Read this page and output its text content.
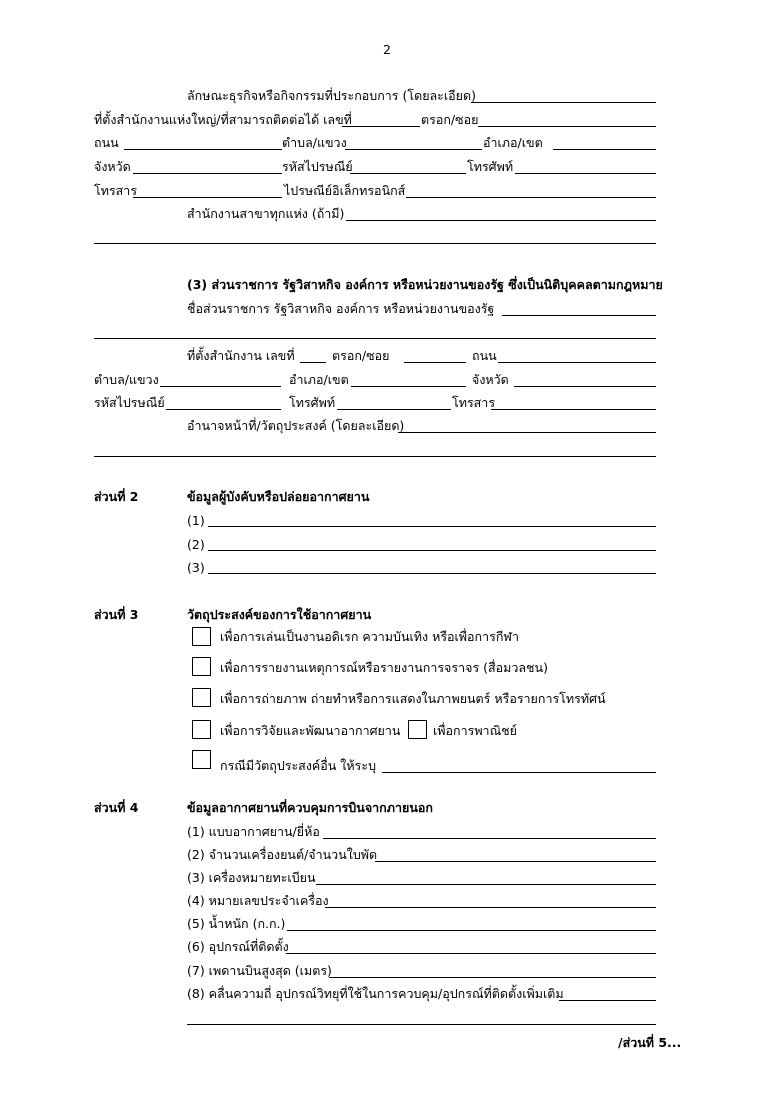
2
ลักษณะธุรกิจหรือกิจกรรมที่ประกอบการ (โดยละเอียด)
ที่ตั้งสำนักงานแห่งใหญ่/ที่สามารถติดต่อได้ เลขที่	ตรอก/ซอย
ถนน	ตำบล/แขวง	อำเภอ/เขต
จังหวัด	รหัสไปรษณีย์	โทรศัพท์
โทรสาร	ไปรษณีย์อิเล็กทรอนิกส์
สำนักงานสาขาทุกแห่ง (ถ้ามี)
(3) ส่วนราชการ รัฐวิสาหกิจ องค์การ หรือหน่วยงานของรัฐ ซึ่งเป็นนิติบุคคลตามกฎหมาย
ชื่อส่วนราชการ รัฐวิสาหกิจ องค์การ หรือหน่วยงานของรัฐ
ที่ตั้งสำนักงาน เลขที่	ตรอก/ซอย	ถนน
ตำบล/แขวง	อำเภอ/เขต	จังหวัด
รหัสไปรษณีย์	โทรศัพท์	โทรสาร
อำนาจหน้าที่/วัตถุประสงค์ (โดยละเอียด)
ส่วนที่ 2	ข้อมูลผู้บังคับหรือปล่อยอากาศยาน
(1)
(2)
(3)
ส่วนที่ 3	วัตถุประสงค์ของการใช้อากาศยาน
เพื่อการเล่นเป็นงานอดิเรก ความบันเทิง หรือเพื่อการกีฬา
เพื่อการรายงานเหตุการณ์หรือรายงานการจราจร (สื่อมวลชน)
เพื่อการถ่ายภาพ ถ่ายทำหรือการแสดงในภาพยนตร์ หรือรายการโทรทัศน์
เพื่อการวิจัยและพัฒนาอากาศยาน	เพื่อการพาณิชย์
กรณีมีวัตถุประสงค์อื่น ให้ระบุ
ส่วนที่ 4	ข้อมูลอากาศยานที่ควบคุมการบินจากภายนอก
(1) แบบอากาศยาน/ยี่ห้อ
(2) จำนวนเครื่องยนต์/จำนวนใบพัด
(3) เครื่องหมายทะเบียน
(4) หมายเลขประจำเครื่อง
(5) น้ำหนัก (ก.ก.)
(6) อุปกรณ์ที่ติดตั้ง
(7) เพดานบินสูงสุด (เมตร)
(8) คลื่นความถี่ อุปกรณ์วิทยุที่ใช้ในการควบคุม/อุปกรณ์ที่ติดตั้งเพิ่มเติม
/ส่วนที่ 5...
